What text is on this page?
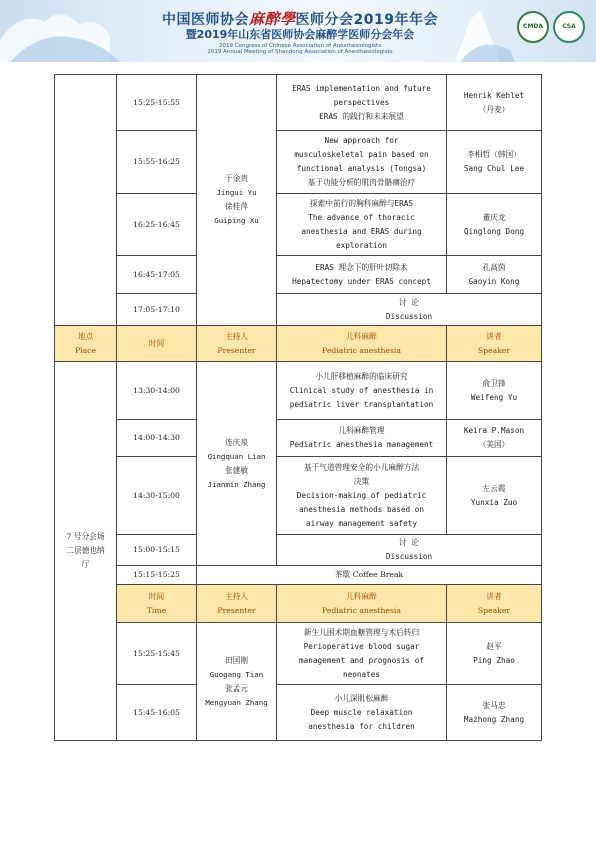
中国医师协会麻醉學医师分会2019年年会
暨2019年山东省医师协会麻醉学医师分会年会
2019 Congress of Chinese Association of Anesthesiologists
2019 Annual Meeting of Shandong Association of Anesthesiologists
CMDA	CSA
	15:25-15:55	于金贵
Jingui Yu
徐桂萍
Guiping Xu	ERAS implementation and future
perspectives
ERAS 的践行和未来展望	Henrik Kehlet
（丹麦）

	15:55-16:25		New approach for
musculoskeletal pain based on
functional analysis (Tongsa)
基于功能分析的肌肉骨骼痛治疗	李相哲（韩国）
Sang Chul Lee

	16:25-16:45		探索中前行的胸科麻醉与ERAS
The advance of thoracic
anesthesia and ERAS during
exploration	董庆龙
Qinglong Dong

	16:45-17:05		ERAS 理念下的肝叶切除术
Hepatectomy under ERAS concept	孔高茵
Gaoyin Kong

	17:05-17:10		讨 论
Discussion	

地点
Place	时间	主持人
Presenter	儿科麻醉
Pediatric anesthesia	讲者
Speaker

7 号分会场
二层德也纳
厅	13:30-14:00	连庆泉
Qingquan Lian
张建敏
Jianmin Zhang	小儿肝移植麻醉的临床研究
Clinical study of anesthesia in
pediatric liver transplantation	俞卫锋
Weifeng Yu

	14:00-14:30		儿科麻醉管理
Pediatric anesthesia management	Keira P.Mason
（美国）

	14:30-15:00		基于气道管理安全的小儿麻醉方法
决策
Decision-making of pediatric
anesthesia methods based on
airway management safety	左云霞
Yunxia Zuo

	15:00-15:15		讨 论
Discussion	

	15:15-15:25	茶歇 Coffee Break		

	时间
Time	主持人
Presenter	儿科麻醉
Pediatric anesthesia	讲者
Speaker

	15:25-15:45	田国刚
Guogang Tian
张孟元
Mengyuan Zhang	新生儿围术期血糖管理与术后转归
Perioperative blood sugar
management and prognosis of
neonates	赵平
Ping Zhao

	15:45-16:05		小儿深肌松麻醉
Deep muscle relaxation
anesthesia for children	张马忠
Mazhong Zhang
